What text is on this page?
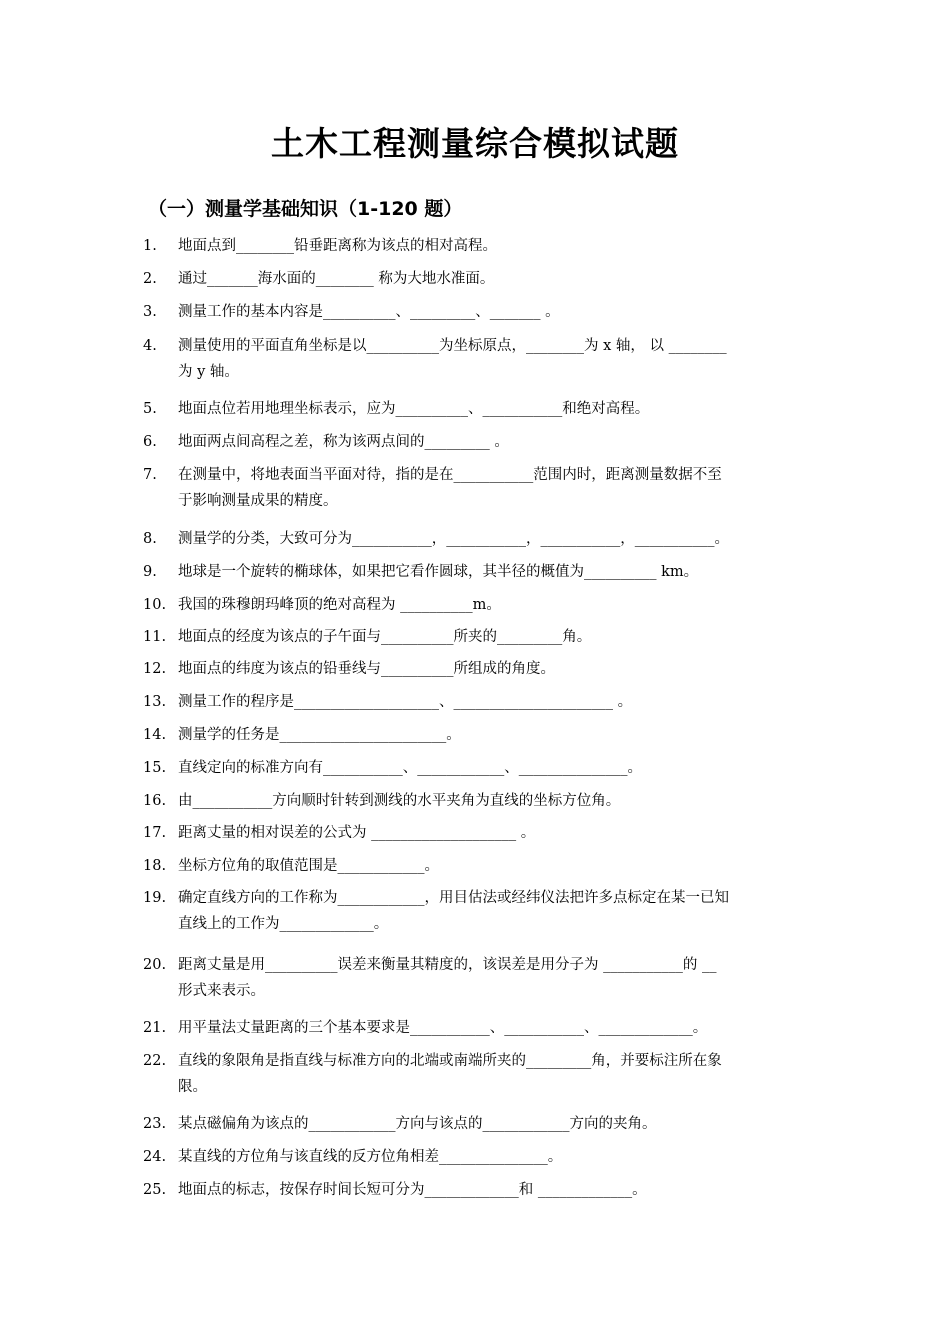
土木工程测量综合模拟试题
（一）测量学基础知识（1-120 题）
1. 地面点到________铅垂距离称为该点的相对高程。
2. 通过_______海水面的________ 称为大地水准面。
3. 测量工作的基本内容是__________、_________、_______ 。
4. 测量使用的平面直角坐标是以__________为坐标原点，________为 x 轴， 以 ________
为 y 轴。
5. 地面点位若用地理坐标表示，应为__________、___________和绝对高程。
6. 地面两点间高程之差，称为该两点间的_________ 。
7. 在测量中，将地表面当平面对待，指的是在___________范围内时，距离测量数据不至
于影响测量成果的精度。
8. 测量学的分类，大致可分为___________，___________，___________，___________。
9. 地球是一个旋转的椭球体，如果把它看作圆球，其半径的概值为__________ km。
10. 我国的珠穆朗玛峰顶的绝对高程为 __________m。
11. 地面点的经度为该点的子午面与__________所夹的_________角。
12. 地面点的纬度为该点的铅垂线与__________所组成的角度。
13. 测量工作的程序是____________________、______________________ 。
14. 测量学的任务是_______________________。
15. 直线定向的标准方向有___________、____________、_______________。
16. 由___________方向顺时针转到测线的水平夹角为直线的坐标方位角。
17. 距离丈量的相对误差的公式为 ____________________ 。
18. 坐标方位角的取值范围是____________。
19. 确定直线方向的工作称为____________，用目估法或经纬仪法把许多点标定在某一已知
直线上的工作为_____________。
20. 距离丈量是用__________误差来衡量其精度的，该误差是用分子为 ___________的 __
形式来表示。
21. 用平量法丈量距离的三个基本要求是___________、___________、_____________。
22. 直线的象限角是指直线与标准方向的北端或南端所夹的_________角，并要标注所在象
限。
23. 某点磁偏角为该点的____________方向与该点的____________方向的夹角。
24. 某直线的方位角与该直线的反方位角相差_______________。
25. 地面点的标志，按保存时间长短可分为_____________和 _____________。
